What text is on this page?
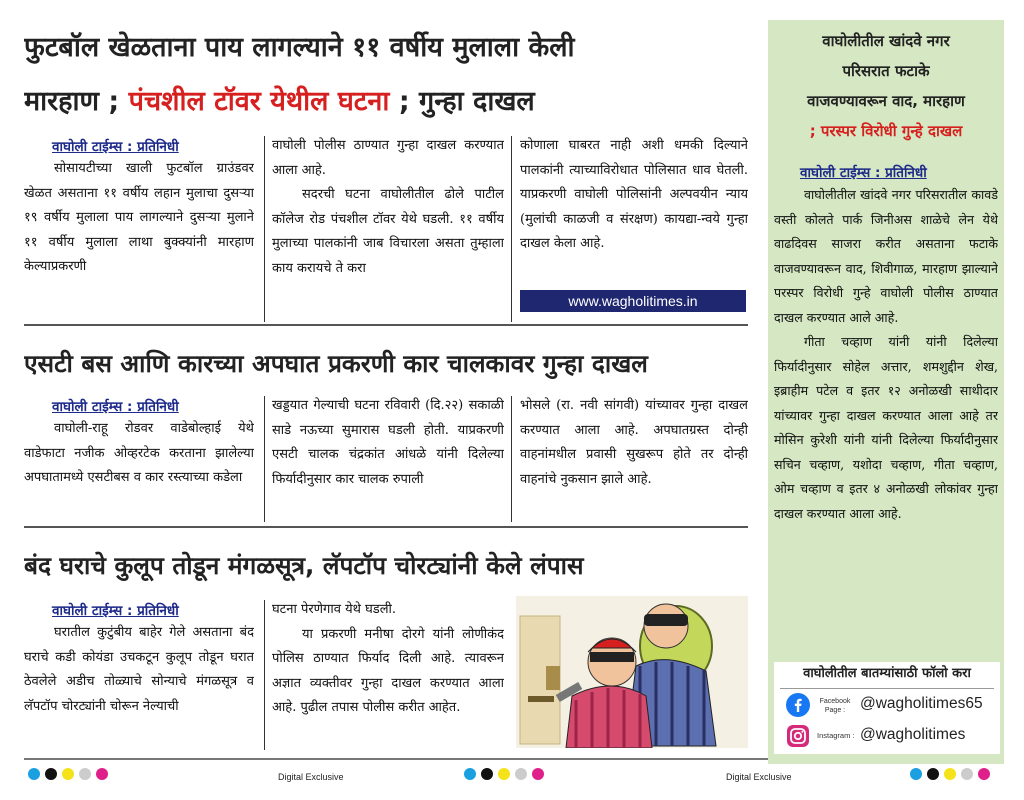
फुटबॉल खेळताना पाय लागल्याने ११ वर्षीय मुलाला केली
मारहाण ; पंचशील टॉवर येथील घटना ; गुन्हा दाखल
वाघोली टाईम्स : प्रतिनिधी

सोसायटीच्या खाली फुटबॉल ग्राउंडवर खेळत असताना ११ वर्षीय लहान मुलाचा दुसऱ्या १९ वर्षीय मुलाला पाय लागल्याने दुसऱ्या मुलाने ११ वर्षीय मुलाला लाथा बुक्क्यांनी मारहाण केल्याप्रकरणी

वाघोली पोलीस ठाण्यात गुन्हा दाखल करण्यात आला आहे.

सदरची घटना वाघोलीतील ढोले पाटील कॉलेज रोड पंचशील टॉवर येथे घडली. ११ वर्षीय मुलाच्या पालकांनी जाब विचारला असता तुम्हाला काय करायचे ते करा

कोणाला घाबरत नाही अशी धमकी दिल्याने पालकांनी त्याच्याविरोधात पोलिसात धाव घेतली. याप्रकरणी वाघोली पोलिसांनी अल्पवयीन न्याय (मुलांची काळजी व संरक्षण) कायद्या-न्वये गुन्हा दाखल केला आहे.

www.wagholitimes.in
एसटी बस आणि कारच्या अपघात प्रकरणी कार चालकावर गुन्हा दाखल
वाघोली टाईम्स : प्रतिनिधी

वाघोली-राहू रोडवर वाडेबोल्हाई येथे वाडेफाटा नजीक ओव्हरटेक करताना झालेल्या अपघातामध्ये एसटीबस व कार रस्त्याच्या कडेला

खड्डयात गेल्याची घटना रविवारी (दि.२२) सकाळी साडे नऊच्या सुमारास घडली होती. याप्रकरणी एसटी चालक चंद्रकांत आंधळे यांनी दिलेल्या फिर्यादीनुसार कार चालक रुपाली

भोसले (रा. नवी सांगवी) यांच्यावर गुन्हा दाखल करण्यात आला आहे. अपघातग्रस्त दोन्ही वाहनांमधील प्रवासी सुखरूप होते तर दोन्ही वाहनांचे नुकसान झाले आहे.

बंद घराचे कुलूप तोडून मंगळसूत्र, लॅपटॉप चोरट्यांनी केले लंपास
वाघोली टाईम्स : प्रतिनिधी

घरातील कुटुंबीय बाहेर गेले असताना बंद घराचे कडी कोयंडा उचकटून कुलूप तोडून घरात ठेवलेले अडीच तोळ्याचे सोन्याचे मंगळसूत्र व लॅपटॉप चोरट्यांनी चोरून नेल्याची

घटना पेरणेगाव येथे घडली.

या प्रकरणी मनीषा दोरगे यांनी लोणीकंद पोलिस ठाण्यात फिर्याद दिली आहे. त्यावरून अज्ञात व्यक्तीवर गुन्हा दाखल करण्यात आला आहे. पुढील तपास पोलीस करीत आहेत.

वाघोलीतील खांदवे नगर
परिसरात फटाके
वाजवण्यावरून वाद, मारहाण
; परस्पर विरोधी गुन्हे दाखल
वाघोली टाईम्स : प्रतिनिधी

वाघोलीतील खांदवे नगर परिसरातील कावडे वस्ती कोलते पार्क जिनीअस शाळेचे लेन येथे वाढदिवस साजरा करीत असताना फटाके वाजवण्यावरून वाद, शिवीगाळ, मारहाण झाल्याने परस्पर विरोधी गुन्हे वाघोली पोलीस ठाण्यात दाखल करण्यात आले आहे.

गीता चव्हाण यांनी यांनी दिलेल्या फिर्यादीनुसार सोहेल अत्तार, शमशुद्दीन शेख, इब्राहीम पटेल व इतर १२ अनोळखी साथीदार यांच्यावर गुन्हा दाखल करण्यात आला आहे तर मोसिन कुरेशी यांनी यांनी दिलेल्या फिर्यादीनुसार सचिन चव्हाण, यशोदा चव्हाण, गीता चव्हाण, ओम चव्हाण व इतर ४ अनोळखी लोकांवर गुन्हा दाखल करण्यात आला आहे.

वाघोलीतील बातम्यांसाठी फॉलो करा
Facebook Page : @wagholitimes65
Instagram : @wagholitimes
Digital Exclusive	Digital Exclusive
